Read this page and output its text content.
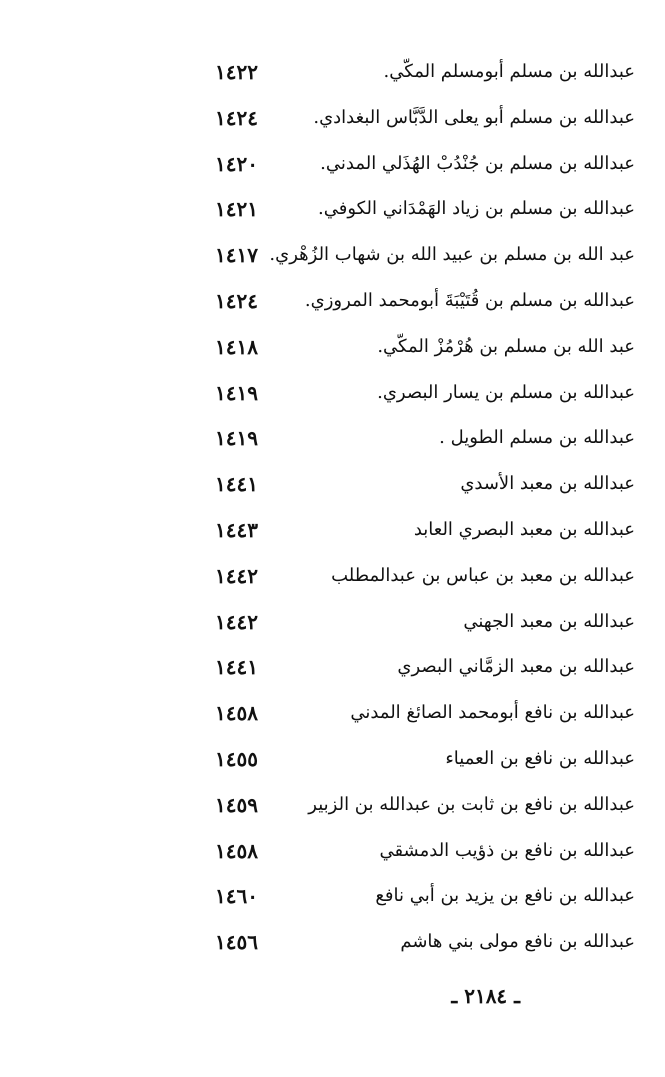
عبدالله بن مسلم أبومسلم المكّي.
١٤٢٢
عبدالله بن مسلم أبو يعلى الدَّبَّاس البغدادي.
١٤٢٤
عبدالله بن مسلم بن جُنْدُبْ الهُذَلي المدني.
١٤٢٠
عبدالله بن مسلم بن زياد الهَمْدَاني الكوفي.
١٤٢١
عبد الله بن مسلم بن عبيد الله بن شهاب الزُهْري.
١٤١٧
عبدالله بن مسلم بن قُتَيْبَةَ أبومحمد المروزي.
١٤٢٤
عبد الله بن مسلم بن هُرْمُزْ المكّي.
١٤١٨
عبدالله بن مسلم بن يسار البصري.
١٤١٩
عبدالله بن مسلم الطويل .
١٤١٩
عبدالله بن معبد الأسدي
١٤٤١
عبدالله بن معبد البصري العابد
١٤٤٣
عبدالله بن معبد بن عباس بن عبدالمطلب
١٤٤٢
عبدالله بن معبد الجهني
١٤٤٢
عبدالله بن معبد الزمَّاني البصري
١٤٤١
عبدالله بن نافع أبومحمد الصائغ المدني
١٤٥٨
عبدالله بن نافع بن العمياء
١٤٥٥
عبدالله بن نافع بن ثابت بن عبدالله بن الزبير
١٤٥٩
عبدالله بن نافع بن ذؤيب الدمشقي
١٤٥٨
عبدالله بن نافع بن يزيد بن أبي نافع
١٤٦٠
عبدالله بن نافع مولى بني هاشم
١٤٥٦
ـ ٢١٨٤ ـ
